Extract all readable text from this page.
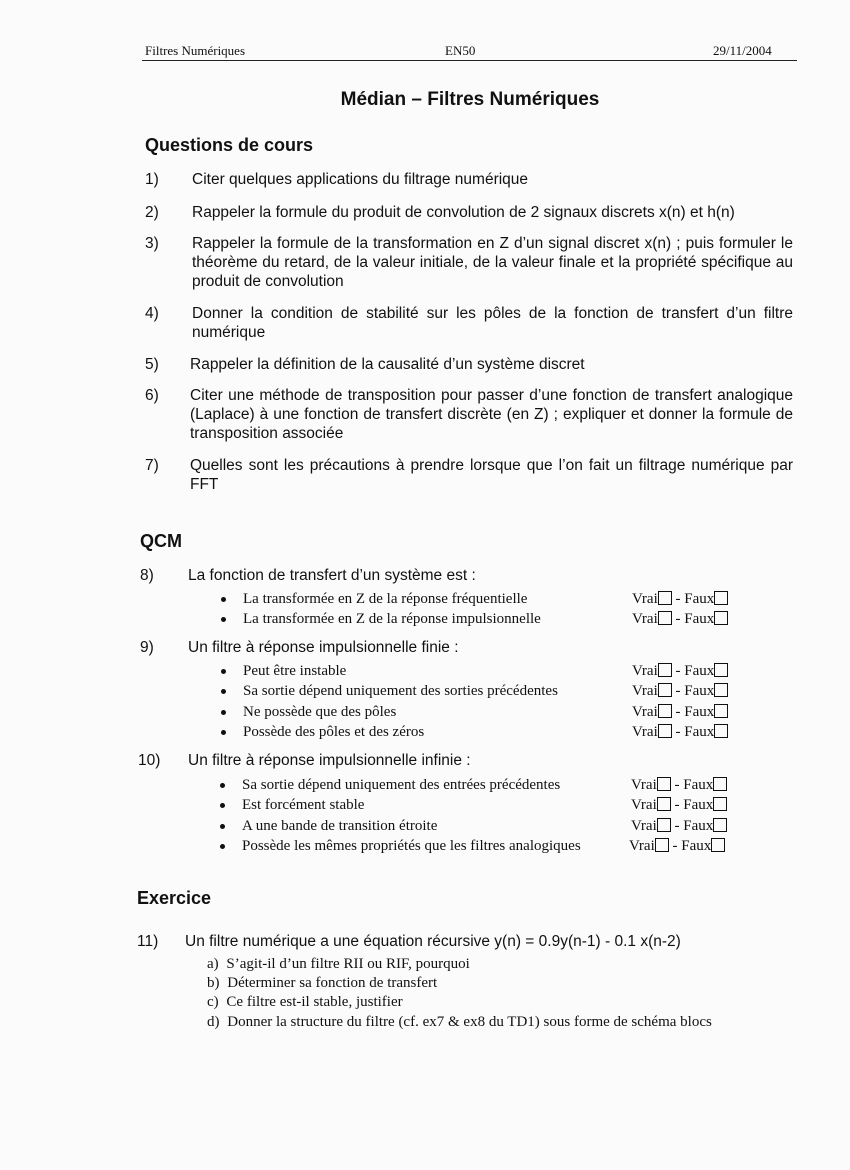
Filtres Numériques	EN50	29/11/2004
Médian – Filtres Numériques
Questions de cours
1) Citer quelques applications du filtrage numérique
2) Rappeler la formule du produit de convolution de 2 signaux discrets x(n) et h(n)
3) Rappeler la formule de la transformation en Z d’un signal discret x(n) ; puis formuler le théorème du retard, de la valeur initiale, de la valeur finale et la propriété spécifique au produit de convolution
4) Donner la condition de stabilité sur les pôles de la fonction de transfert d’un filtre numérique
5) Rappeler la définition de la causalité d’un système discret
6) Citer une méthode de transposition pour passer d’une fonction de transfert analogique (Laplace) à une fonction de transfert discrète (en Z) ; expliquer et donner la formule de transposition associée
7) Quelles sont les précautions à prendre lorsque que l’on fait un filtrage numérique par FFT
QCM
8) La fonction de transfert d’un système est :
La transformée en Z de la réponse fréquentielle	Vrai - Faux
La transformée en Z de la réponse impulsionnelle	Vrai - Faux
9) Un filtre à réponse impulsionnelle finie :
Peut être instable	Vrai - Faux
Sa sortie dépend uniquement des sorties précédentes	Vrai - Faux
Ne possède que des pôles	Vrai - Faux
Possède des pôles et des zéros	Vrai - Faux
10) Un filtre à réponse impulsionnelle infinie :
Sa sortie dépend uniquement des entrées précédentes	Vrai - Faux
Est forcément stable	Vrai - Faux
A une bande de transition étroite	Vrai - Faux
Possède les mêmes propriétés que les filtres analogiques	Vrai - Faux
Exercice
11) Un filtre numérique a une équation récursive y(n) = 0.9y(n-1) - 0.1 x(n-2)
a) S’agit-il d’un filtre RII ou RIF, pourquoi
b) Déterminer sa fonction de transfert
c) Ce filtre est-il stable, justifier
d) Donner la structure du filtre (cf. ex7 & ex8 du TD1) sous forme de schéma blocs
